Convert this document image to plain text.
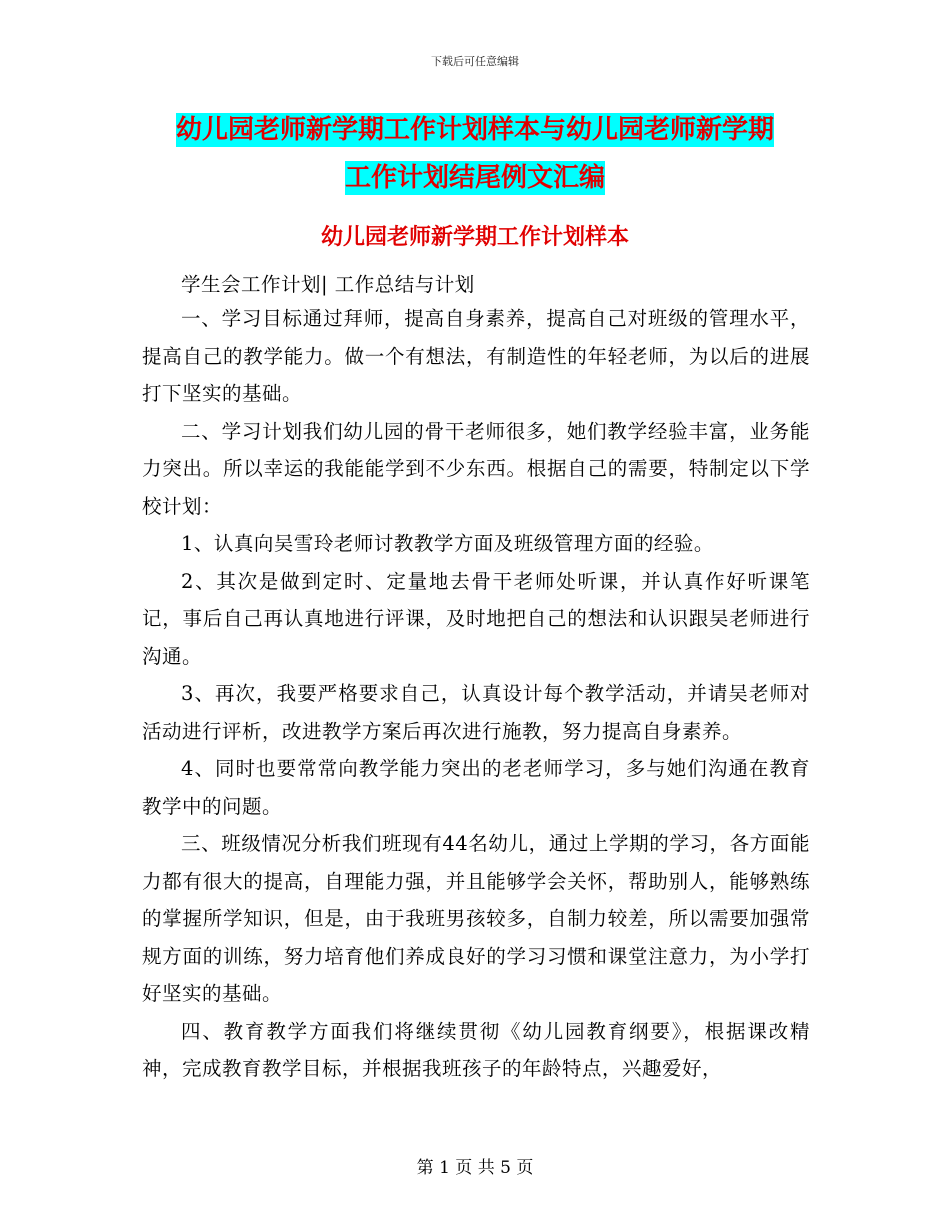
下载后可任意编辑
幼儿园老师新学期工作计划样本与幼儿园老师新学期
工作计划结尾例文汇编
幼儿园老师新学期工作计划样本

学生会工作计划| 工作总结与计划

一、学习目标通过拜师，提高自身素养，提高自己对班级的管理水平，提高自己的教学能力。做一个有想法，有制造性的年轻老师，为以后的进展打下坚实的基础。

二、学习计划我们幼儿园的骨干老师很多，她们教学经验丰富，业务能力突出。所以幸运的我能能学到不少东西。根据自己的需要，特制定以下学校计划：

1、认真向吴雪玲老师讨教教学方面及班级管理方面的经验。

2、其次是做到定时、定量地去骨干老师处听课，并认真作好听课笔记，事后自己再认真地进行评课，及时地把自己的想法和认识跟吴老师进行沟通。

3、再次，我要严格要求自己，认真设计每个教学活动，并请吴老师对活动进行评析，改进教学方案后再次进行施教，努力提高自身素养。

4、同时也要常常向教学能力突出的老老师学习，多与她们沟通在教育教学中的问题。

三、班级情况分析我们班现有44名幼儿，通过上学期的学习，各方面能力都有很大的提高，自理能力强，并且能够学会关怀，帮助别人，能够熟练的掌握所学知识，但是，由于我班男孩较多，自制力较差，所以需要加强常规方面的训练，努力培育他们养成良好的学习习惯和课堂注意力，为小学打好坚实的基础。

四、教育教学方面我们将继续贯彻《幼儿园教育纲要》，根据课改精神，完成教育教学目标，并根据我班孩子的年龄特点，兴趣爱好，

第 1 页 共 5 页
